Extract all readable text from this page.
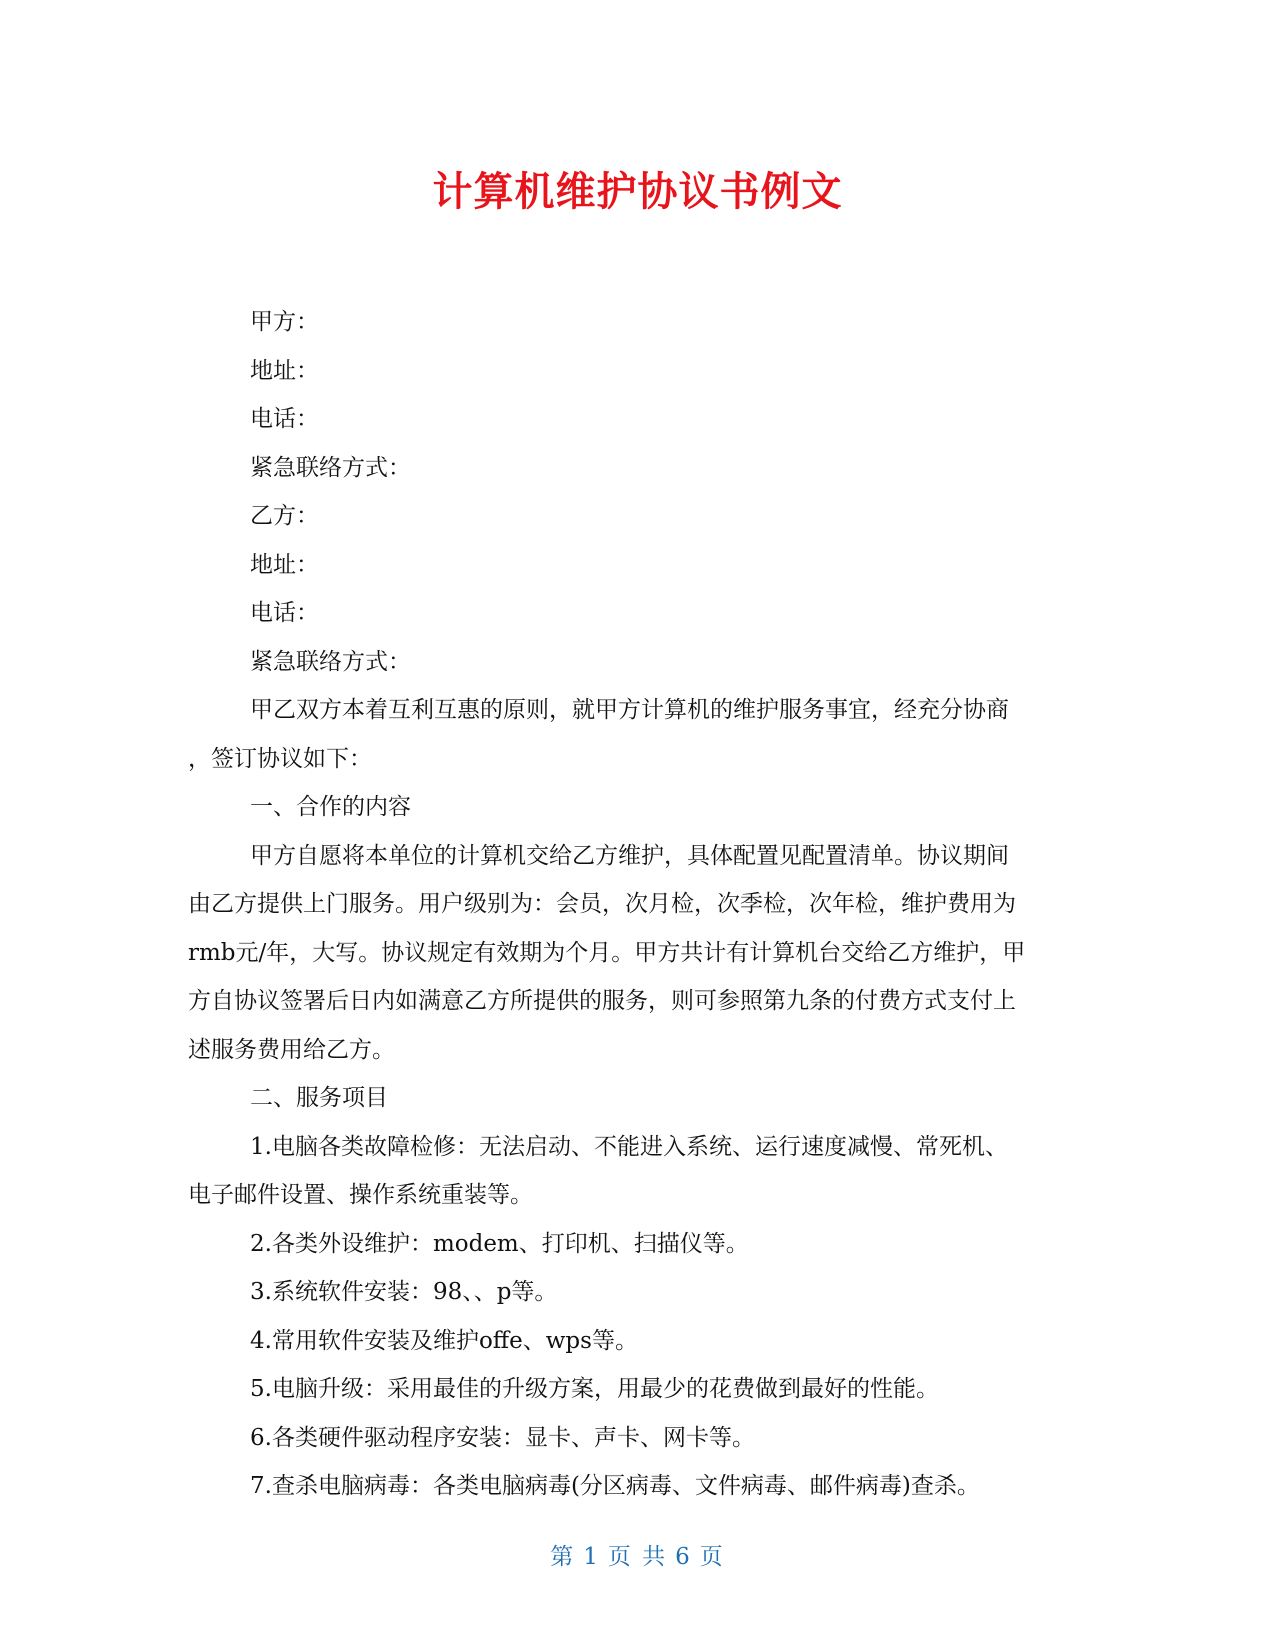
计算机维护协议书例文
甲方：
地址：
电话：
紧急联络方式：
乙方：
地址：
电话：
紧急联络方式：
甲乙双方本着互利互惠的原则，就甲方计算机的维护服务事宜，经充分协商
，签订协议如下：
一、合作的内容
甲方自愿将本单位的计算机交给乙方维护，具体配置见配置清单。协议期间
由乙方提供上门服务。用户级别为：会员，次月检，次季检，次年检，维护费用为
rmb元/年，大写。协议规定有效期为个月。甲方共计有计算机台交给乙方维护，甲
方自协议签署后日内如满意乙方所提供的服务，则可参照第九条的付费方式支付上
述服务费用给乙方。
二、服务项目
1.电脑各类故障检修：无法启动、不能进入系统、运行速度减慢、常死机、
电子邮件设置、操作系统重装等。
2.各类外设维护：modem、打印机、扫描仪等。
3.系统软件安装：98、、p等。
4.常用软件安装及维护offe、wps等。
5.电脑升级：采用最佳的升级方案，用最少的花费做到最好的性能。
6.各类硬件驱动程序安装：显卡、声卡、网卡等。
7.查杀电脑病毒：各类电脑病毒(分区病毒、文件病毒、邮件病毒)查杀。
第 1 页 共 6 页
